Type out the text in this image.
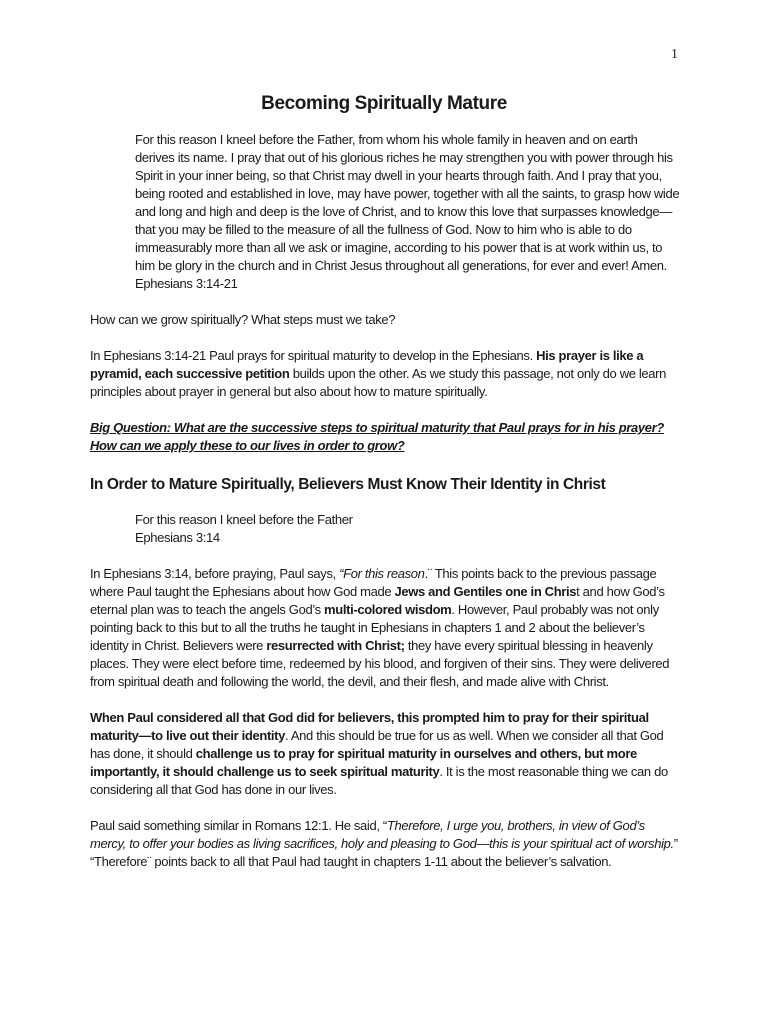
1
Becoming Spiritually Mature

For this reason I kneel before the Father, from whom his whole family in heaven and on earth derives its name. I pray that out of his glorious riches he may strengthen you with power through his Spirit in your inner being, so that Christ may dwell in your hearts through faith. And I pray that you, being rooted and established in love, may have power, together with all the saints, to grasp how wide and long and high and deep is the love of Christ, and to know this love that surpasses knowledge—that you may be filled to the measure of all the fullness of God. Now to him who is able to do immeasurably more than all we ask or imagine, according to his power that is at work within us, to him be glory in the church and in Christ Jesus throughout all generations, for ever and ever! Amen.

Ephesians 3:14-21

How can we grow spiritually? What steps must we take?

In Ephesians 3:14-21 Paul prays for spiritual maturity to develop in the Ephesians. His prayer is like a pyramid, each successive petition builds upon the other. As we study this passage, not only do we learn principles about prayer in general but also about how to mature spiritually.

Big Question: What are the successive steps to spiritual maturity that Paul prays for in his prayer? How can we apply these to our lives in order to grow?

In Order to Mature Spiritually, Believers Must Know Their Identity in Christ

For this reason I kneel before the Father

Ephesians 3:14

In Ephesians 3:14, before praying, Paul says, “For this reason.¨ This points back to the previous passage where Paul taught the Ephesians about how God made Jews and Gentiles one in Christ and how God’s eternal plan was to teach the angels God’s multi-colored wisdom. However, Paul probably was not only pointing back to this but to all the truths he taught in Ephesians in chapters 1 and 2 about the believer’s identity in Christ. Believers were resurrected with Christ; they have every spiritual blessing in heavenly places. They were elect before time, redeemed by his blood, and forgiven of their sins. They were delivered from spiritual death and following the world, the devil, and their flesh, and made alive with Christ.

When Paul considered all that God did for believers, this prompted him to pray for their spiritual maturity—to live out their identity. And this should be true for us as well. When we consider all that God has done, it should challenge us to pray for spiritual maturity in ourselves and others, but more importantly, it should challenge us to seek spiritual maturity. It is the most reasonable thing we can do considering all that God has done in our lives.

Paul said something similar in Romans 12:1. He said, “Therefore, I urge you, brothers, in view of God’s mercy, to offer your bodies as living sacrifices, holy and pleasing to God—this is your spiritual act of worship.” “Therefore¨ points back to all that Paul had taught in chapters 1-11 about the believer’s salvation.
